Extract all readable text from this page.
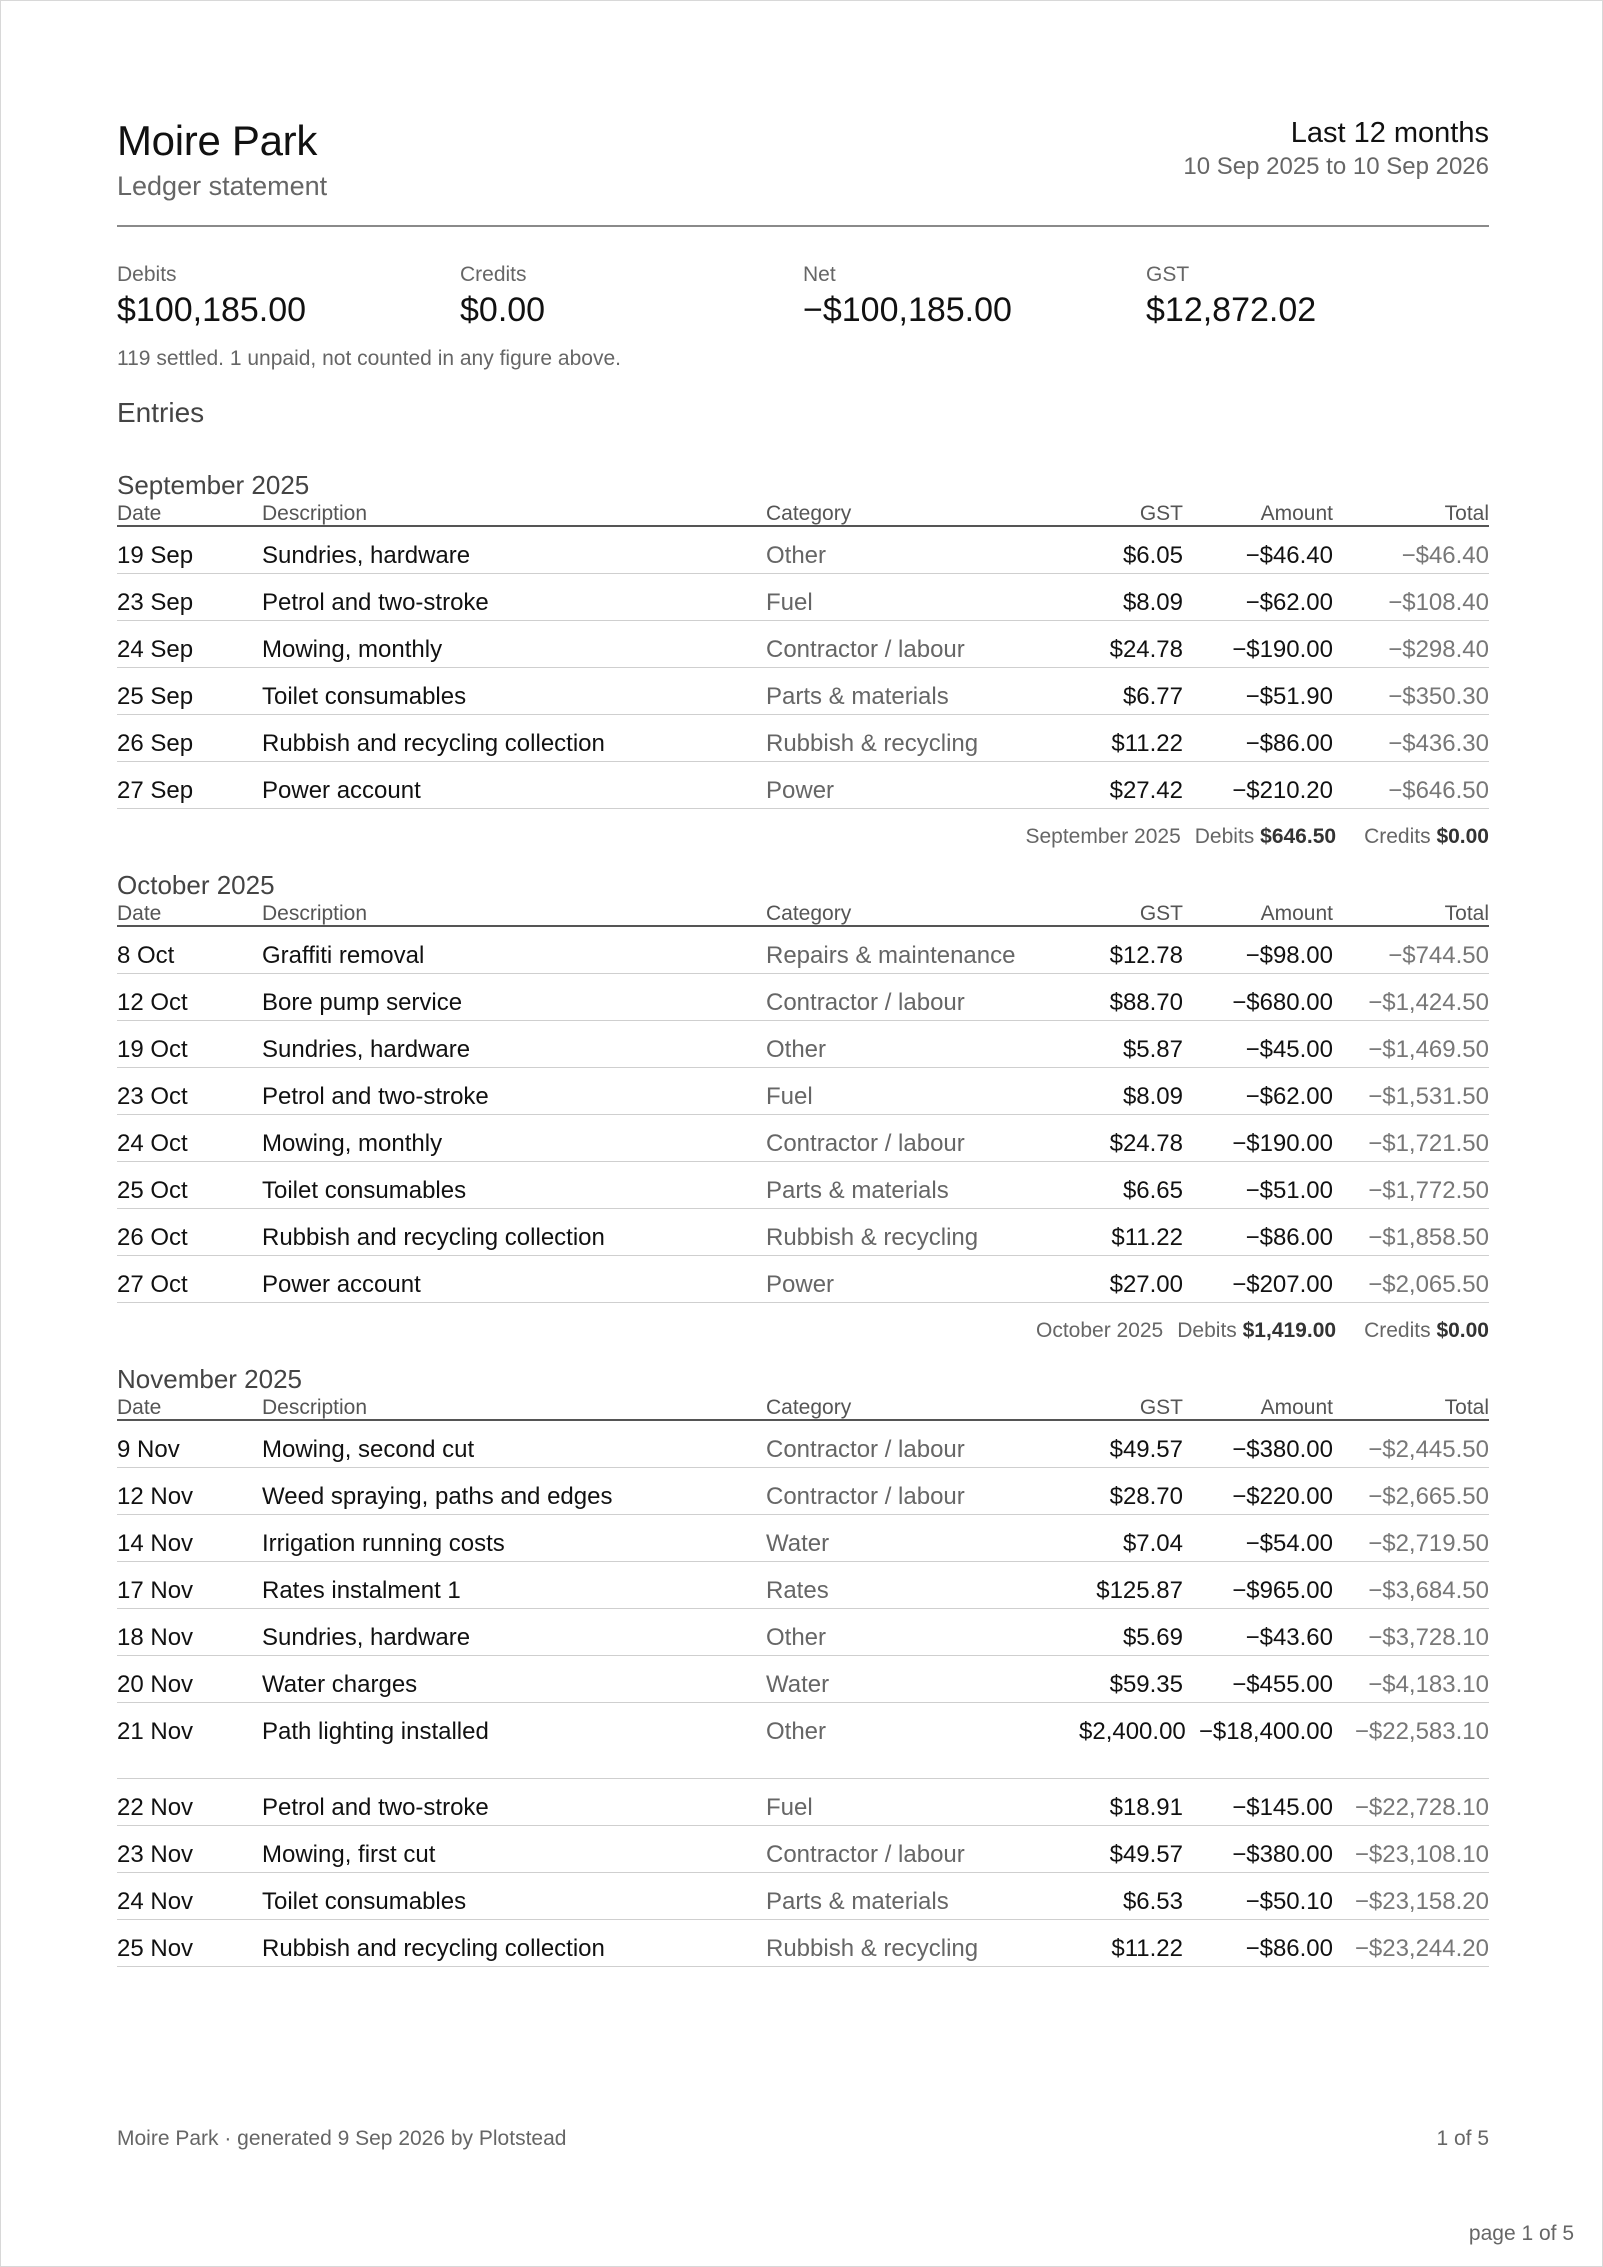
Moire Park
Ledger statement
Last 12 months
10 Sep 2025 to 10 Sep 2026
Debits
$100,185.00
Credits
$0.00
Net
−$100,185.00
GST
$12,872.02
119 settled. 1 unpaid, not counted in any figure above.
Entries
September 2025
Date	Description	Category	GST	Amount	Total
19 Sep	Sundries, hardware	Other	$6.05	−$46.40	−$46.40
23 Sep	Petrol and two-stroke	Fuel	$8.09	−$62.00 −$108.40
24 Sep	Mowing, monthly	Contractor / labour	$24.78 −$190.00 −$298.40
25 Sep	Toilet consumables	Parts & materials	$6.77	−$51.90 −$350.30
26 Sep	Rubbish and recycling collection	Rubbish & recycling	$11.22	−$86.00 −$436.30
27 Sep	Power account	Power	$27.42 −$210.20 −$646.50
September 2025 Debits $646.50 Credits $0.00
October 2025
Date	Description	Category	GST	Amount	Total
8 Oct	Graffiti removal	Repairs & maintenance	$12.78	−$98.00 −$744.50
12 Oct	Bore pump service	Contractor / labour	$88.70 −$680.00 −$1,424.50
19 Oct	Sundries, hardware	Other	$5.87	−$45.00 −$1,469.50
23 Oct	Petrol and two-stroke	Fuel	$8.09	−$62.00 −$1,531.50
24 Oct	Mowing, monthly	Contractor / labour	$24.78 −$190.00 −$1,721.50
25 Oct	Toilet consumables	Parts & materials	$6.65	−$51.00 −$1,772.50
26 Oct	Rubbish and recycling collection	Rubbish & recycling	$11.22	−$86.00 −$1,858.50
27 Oct	Power account	Power	$27.00 −$207.00 −$2,065.50
October 2025 Debits $1,419.00 Credits $0.00
November 2025
Date	Description	Category	GST	Amount	Total
9 Nov	Mowing, second cut	Contractor / labour	$49.57 −$380.00 −$2,445.50
12 Nov	Weed spraying, paths and edges	Contractor / labour	$28.70 −$220.00 −$2,665.50
14 Nov	Irrigation running costs	Water	$7.04	−$54.00 −$2,719.50
17 Nov	Rates instalment 1	Rates	$125.87 −$965.00 −$3,684.50
18 Nov	Sundries, hardware	Other	$5.69	−$43.60 −$3,728.10
20 Nov	Water charges	Water	$59.35 −$455.00 −$4,183.10
21 Nov	Path lighting installed	Other	$2,400.00 −$18,400.00 −$22,583.10
22 Nov	Petrol and two-stroke	Fuel	$18.91 −$145.00 −$22,728.10
23 Nov	Mowing, first cut	Contractor / labour	$49.57 −$380.00 −$23,108.10
24 Nov	Toilet consumables	Parts & materials	$6.53	−$50.10 −$23,158.20
25 Nov	Rubbish and recycling collection	Rubbish & recycling	$11.22	−$86.00 −$23,244.20
Moire Park · generated 9 Sep 2026 by Plotstead	1 of 5
page 1 of 5
